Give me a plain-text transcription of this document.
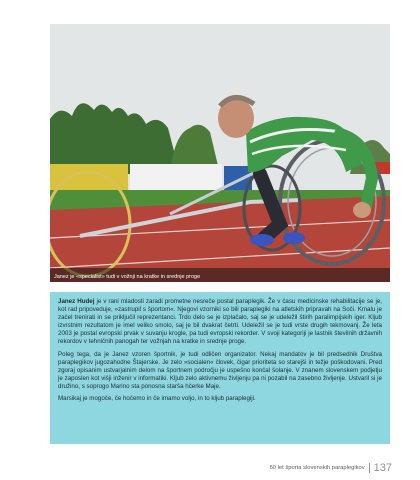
Janez je «specialist» tudi v vožnji na kratke in srednje proge

Janez Hudej je v rani mladosti zaradi prometne nesreče postal paraplegik. Že v času medicinske rehabilitacije se je, kot rad pripoveduje, »zastrupil s športom«. Njegovi vzorniki so bili paraplegiki na atletskih pripravah na Soči. Kmalu je začel trenirati in se priključil reprezentanci. Trdo delo se je izplačalo, saj se je udeležil štirih paralimpijskih iger. Kljub izvrstnim rezultatom je imel veliko smolo, saj je bil dvakrat četrti. Udeležil se je tudi vrste drugih tekmovanj. Že leta 2003 je postal evropski prvak v suvanju krogle, pa tudi evropski rekorder. V svoji kategoriji je lastnik številnih državnih rekordov v tehničnih panogah ter vožnjah na kratke in srednje proge.

Poleg tega, da je Janez vzoren športnik, je tudi odličen organizator. Nekaj mandatov je bil predsednik Društva paraplegikov jugozahodne Štajerske. Je zelo »socialen« človek, čigar prioriteta so starejši in težje poškodovani. Pred zgoraj opisanim ustvarjalnim delom na športnem področju je uspešno končal šolanje. V znanem slovenskem podjetju je zaposlen kot višji inženir v informatiki. Kljub zelo aktivnemu življenju pa ni pozabil na zasebno življenje. Ustvaril si je družino, s soprogo Marino sta ponosna starša hčerke Maje.

Marsikaj je mogoče, če hočemo in če imamo voljo, in to kljub paraplegiji.

50 let športa slovenskih paraplegikov 137
